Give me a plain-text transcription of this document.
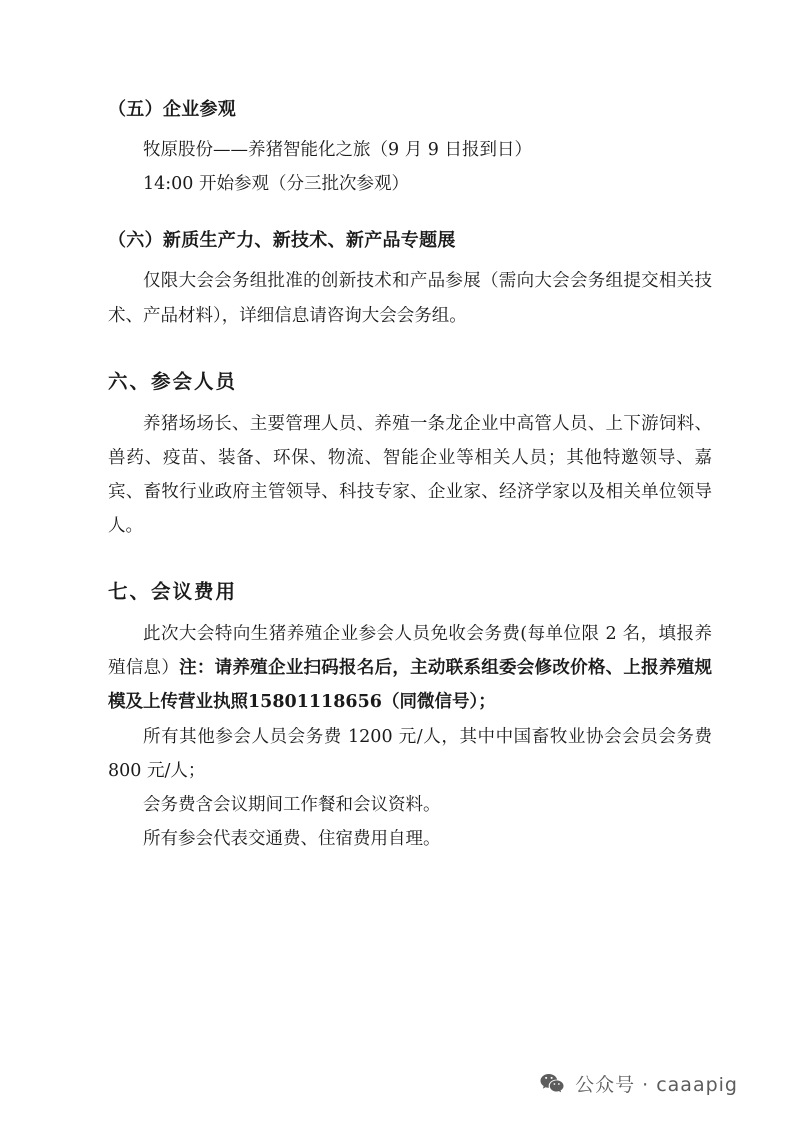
（五）企业参观

牧原股份——养猪智能化之旅（9 月 9 日报到日）

14:00 开始参观（分三批次参观）

（六）新质生产力、新技术、新产品专题展

仅限大会会务组批准的创新技术和产品参展（需向大会会务组提交相关技术、产品材料），详细信息请咨询大会会务组。

六、参会人员

养猪场场长、主要管理人员、养殖一条龙企业中高管人员、上下游饲料、兽药、疫苗、装备、环保、物流、智能企业等相关人员；其他特邀领导、嘉宾、畜牧行业政府主管领导、科技专家、企业家、经济学家以及相关单位领导人。

七、会议费用

此次大会特向生猪养殖企业参会人员免收会务费(每单位限 2 名，填报养殖信息）注：请养殖企业扫码报名后，主动联系组委会修改价格、上报养殖规模及上传营业执照15801118656（同微信号）；

所有其他参会人员会务费 1200 元/人，其中中国畜牧业协会会员会务费 800 元/人；

会务费含会议期间工作餐和会议资料。

所有参会代表交通费、住宿费用自理。

公众号 · caaapig
